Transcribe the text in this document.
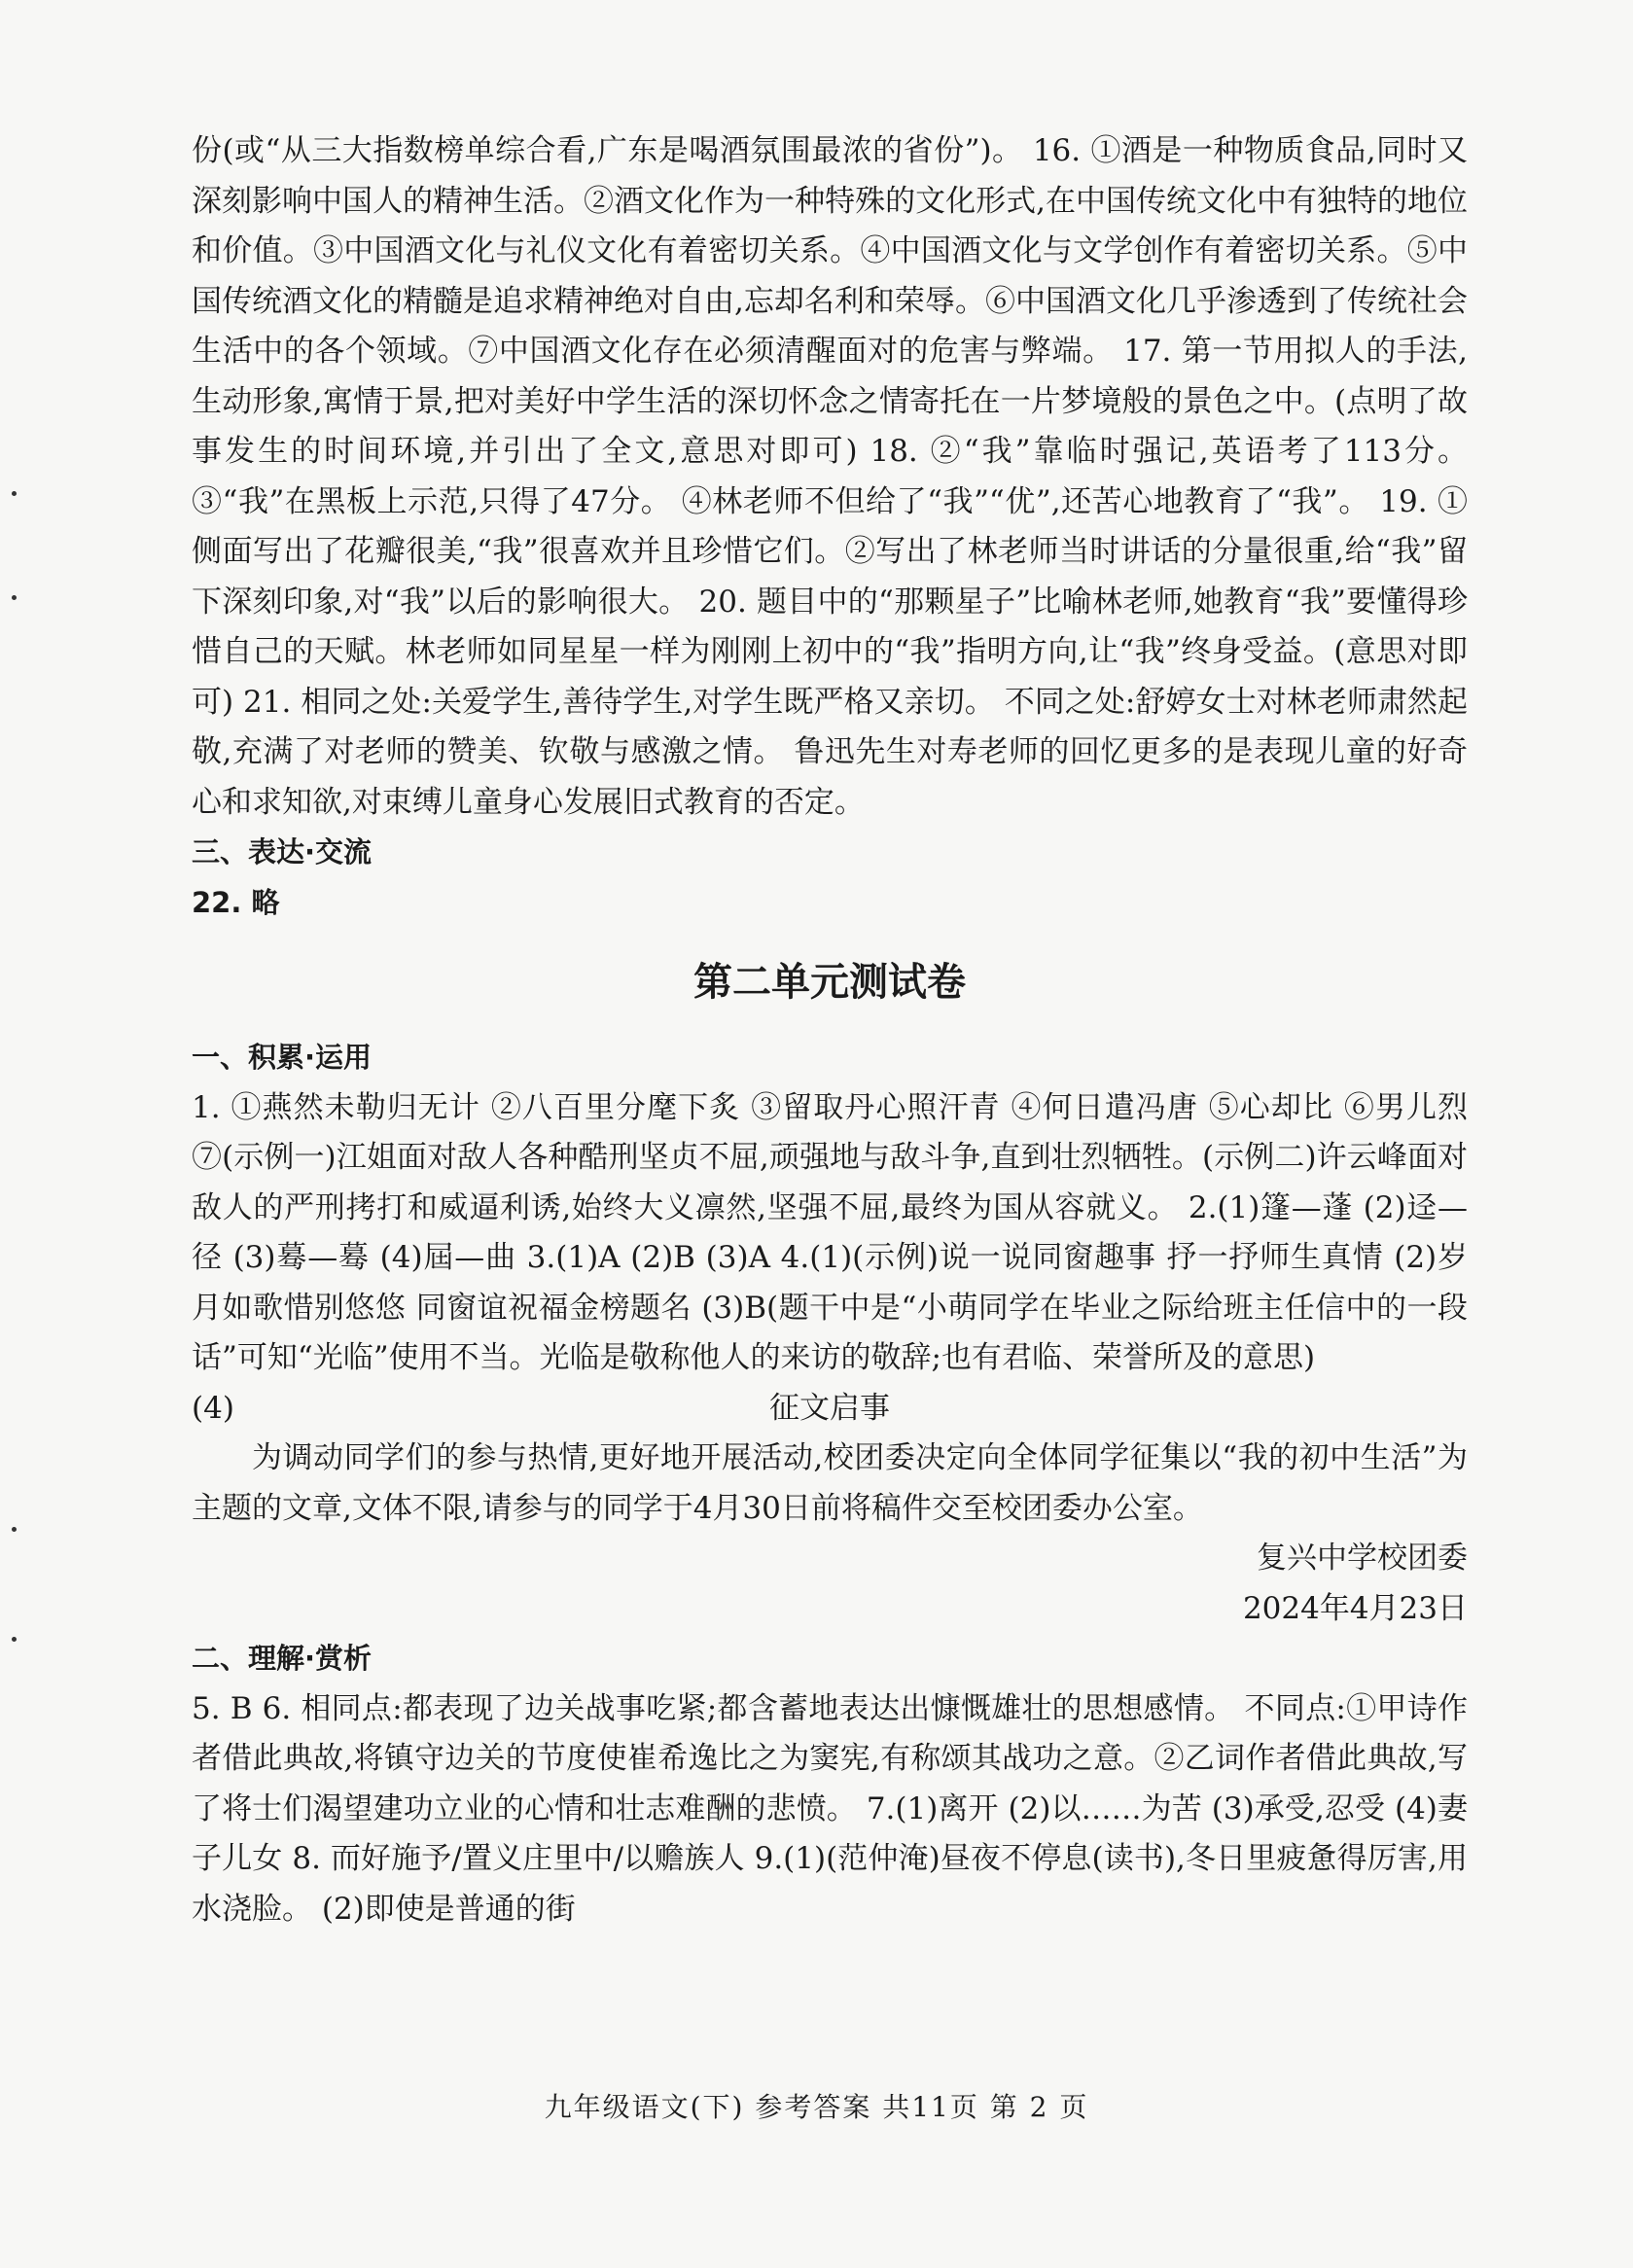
份(或“从三大指数榜单综合看,广东是喝酒氛围最浓的省份”)。 16. ①酒是一种物质食品,同时又深刻影响中国人的精神生活。②酒文化作为一种特殊的文化形式,在中国传统文化中有独特的地位和价值。③中国酒文化与礼仪文化有着密切关系。④中国酒文化与文学创作有着密切关系。⑤中国传统酒文化的精髓是追求精神绝对自由,忘却名利和荣辱。⑥中国酒文化几乎渗透到了传统社会生活中的各个领域。⑦中国酒文化存在必须清醒面对的危害与弊端。 17. 第一节用拟人的手法,生动形象,寓情于景,把对美好中学生活的深切怀念之情寄托在一片梦境般的景色之中。(点明了故事发生的时间环境,并引出了全文,意思对即可) 18. ②“我”靠临时强记,英语考了113分。 ③“我”在黑板上示范,只得了47分。 ④林老师不但给了“我”“优”,还苦心地教育了“我”。 19. ①侧面写出了花瓣很美,“我”很喜欢并且珍惜它们。②写出了林老师当时讲话的分量很重,给“我”留下深刻印象,对“我”以后的影响很大。 20. 题目中的“那颗星子”比喻林老师,她教育“我”要懂得珍惜自己的天赋。林老师如同星星一样为刚刚上初中的“我”指明方向,让“我”终身受益。(意思对即可) 21. 相同之处:关爱学生,善待学生,对学生既严格又亲切。 不同之处:舒婷女士对林老师肃然起敬,充满了对老师的赞美、钦敬与感激之情。 鲁迅先生对寿老师的回忆更多的是表现儿童的好奇心和求知欲,对束缚儿童身心发展旧式教育的否定。

三、表达·交流

22. 略

第二单元测试卷

一、积累·运用

1. ①燕然未勒归无计 ②八百里分麾下炙 ③留取丹心照汗青 ④何日遣冯唐 ⑤心却比 ⑥男儿烈 ⑦(示例一)江姐面对敌人各种酷刑坚贞不屈,顽强地与敌斗争,直到壮烈牺牲。(示例二)许云峰面对敌人的严刑拷打和威逼利诱,始终大义凛然,坚强不屈,最终为国从容就义。 2.(1)篷—蓬 (2)迳—径 (3)蓦—蓦 (4)屆—曲 3.(1)A (2)B (3)A 4.(1)(示例)说一说同窗趣事 抒一抒师生真情 (2)岁月如歌惜别悠悠 同窗谊祝福金榜题名 (3)B(题干中是“小萌同学在毕业之际给班主任信中的一段话”可知“光临”使用不当。光临是敬称他人的来访的敬辞;也有君临、荣誉所及的意思)

(4)	征文启事

为调动同学们的参与热情,更好地开展活动,校团委决定向全体同学征集以“我的初中生活”为主题的文章,文体不限,请参与的同学于4月30日前将稿件交至校团委办公室。

复兴中学校团委

2024年4月23日

二、理解·赏析

5. B 6. 相同点:都表现了边关战事吃紧;都含蓄地表达出慷慨雄壮的思想感情。 不同点:①甲诗作者借此典故,将镇守边关的节度使崔希逸比之为窦宪,有称颂其战功之意。②乙词作者借此典故,写了将士们渴望建功立业的心情和壮志难酬的悲愤。 7.(1)离开 (2)以……为苦 (3)承受,忍受 (4)妻子儿女 8. 而好施予/置义庄里中/以赡族人 9.(1)(范仲淹)昼夜不停息(读书),冬日里疲惫得厉害,用水浇脸。 (2)即使是普通的街

九年级语文(下) 参考答案 共11页 第 2 页
